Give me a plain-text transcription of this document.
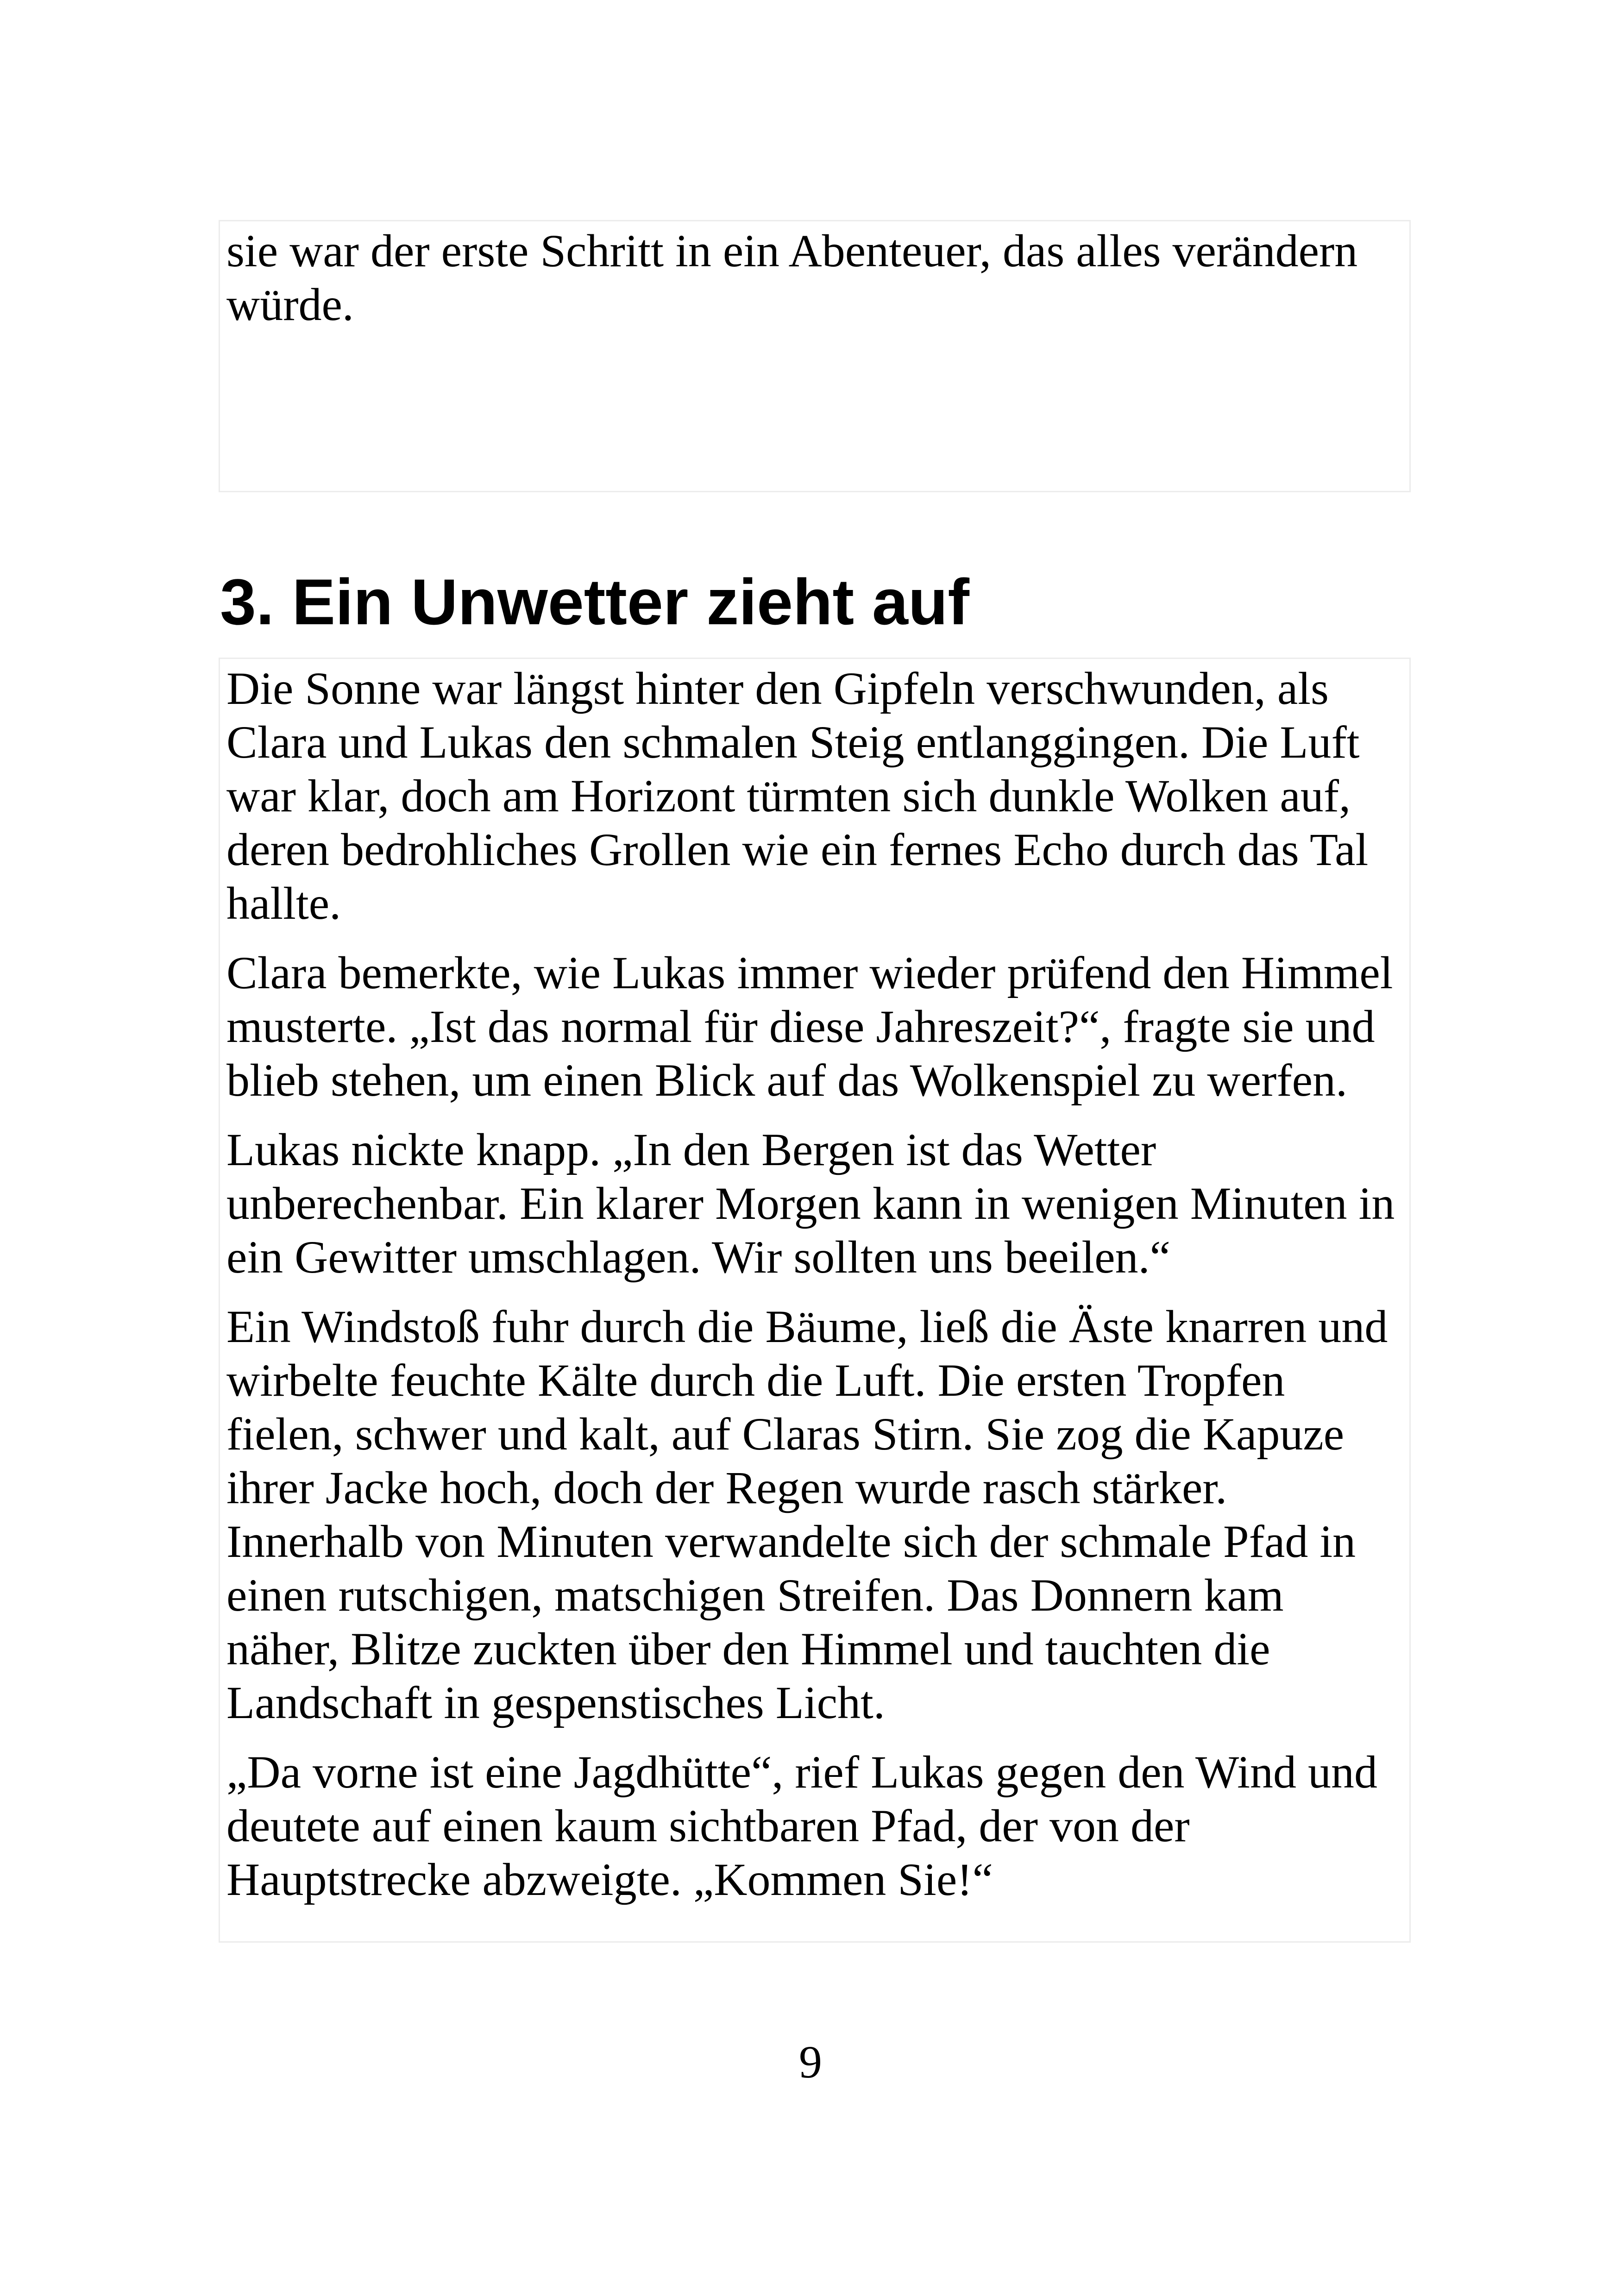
sie war der erste Schritt in ein Abenteuer, das alles verändern
würde.

3. Ein Unwetter zieht auf

Die Sonne war längst hinter den Gipfeln verschwunden, als
Clara und Lukas den schmalen Steig entlanggingen. Die Luft
war klar, doch am Horizont türmten sich dunkle Wolken auf,
deren bedrohliches Grollen wie ein fernes Echo durch das Tal
hallte.

Clara bemerkte, wie Lukas immer wieder prüfend den Himmel
musterte. „Ist das normal für diese Jahreszeit?“, fragte sie und
blieb stehen, um einen Blick auf das Wolkenspiel zu werfen.

Lukas nickte knapp. „In den Bergen ist das Wetter
unberechenbar. Ein klarer Morgen kann in wenigen Minuten in
ein Gewitter umschlagen. Wir sollten uns beeilen.“

Ein Windstoß fuhr durch die Bäume, ließ die Äste knarren und
wirbelte feuchte Kälte durch die Luft. Die ersten Tropfen
fielen, schwer und kalt, auf Claras Stirn. Sie zog die Kapuze
ihrer Jacke hoch, doch der Regen wurde rasch stärker.
Innerhalb von Minuten verwandelte sich der schmale Pfad in
einen rutschigen, matschigen Streifen. Das Donnern kam
näher, Blitze zuckten über den Himmel und tauchten die
Landschaft in gespenstisches Licht.

„Da vorne ist eine Jagdhütte“, rief Lukas gegen den Wind und
deutete auf einen kaum sichtbaren Pfad, der von der
Hauptstrecke abzweigte. „Kommen Sie!“

9
